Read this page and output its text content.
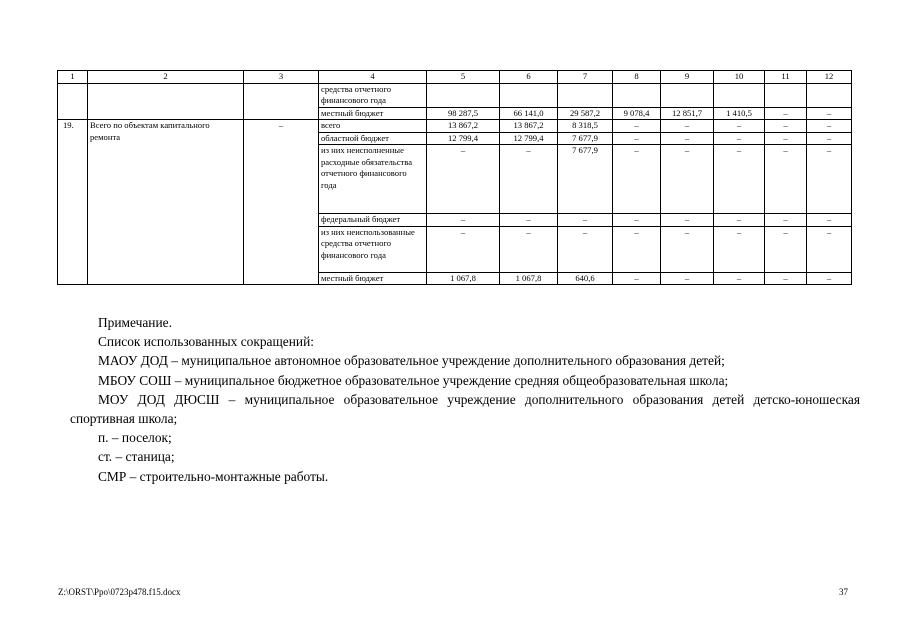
1	2	3	4	5	6	7	8	9	10	11	12
			средства отчетного финансового года								
			местный бюджет	98 287,5	66 141,0	29 587,2	9 078,4	12 851,7	1 410,5	–	–
19.	Всего по объектам капитального ремонта	–	всего	13 867,2	13 867,2	8 318,5	–	–	–	–	–
			областной бюджет	12 799,4	12 799,4	7 677,9	–	–	–	–	–
			из них неисполненные расходные обязательства отчетного финансового года	–	–	7 677,9	–	–	–	–	–
			федеральный бюджет	–	–	–	–	–	–	–	–
			из них неиспользованные средства отчетного финансового года	–	–	–	–	–	–	–	–
			местный бюджет	1 067,8	1 067,8	640,6	–	–	–	–	–

Примечание.

Список использованных сокращений:

МАОУ ДОД – муниципальное автономное образовательное учреждение дополнительного образования детей;

МБОУ СОШ – муниципальное бюджетное образовательное учреждение средняя общеобразовательная школа;

МОУ ДОД ДЮСШ – муниципальное образовательное учреждение дополнительного образования детей детско-юношеская спортивная школа;

п. – поселок;

ст. – станица;

СМР – строительно-монтажные работы.

Z:\ORST\Ppo\0723p478.f15.docx	37
